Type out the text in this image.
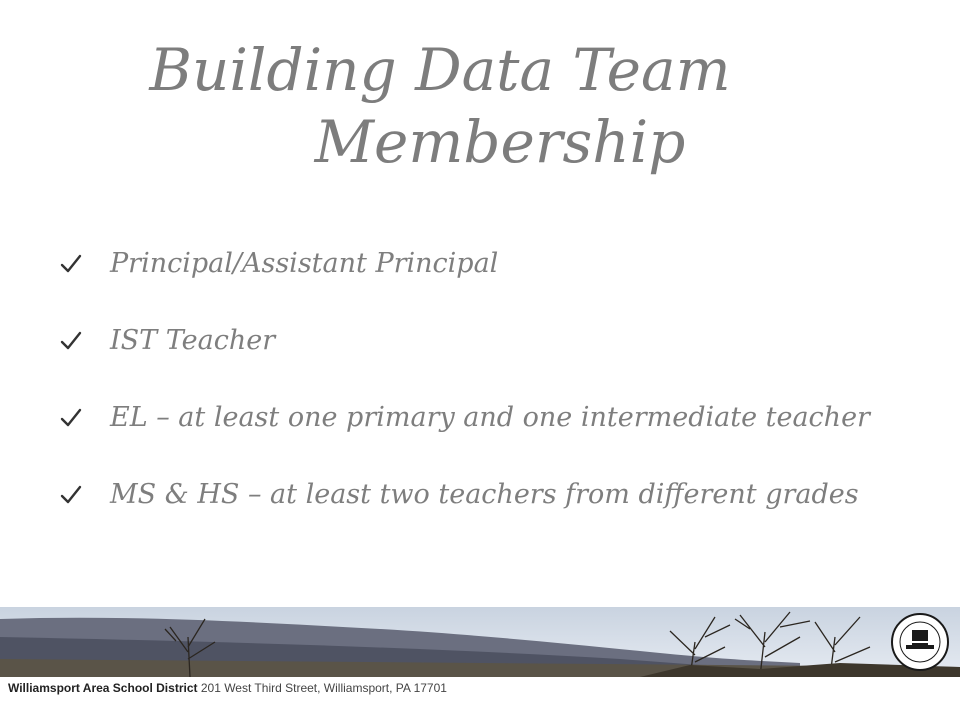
Building Data Team
Membership
Principal/Assistant Principal
IST Teacher
EL – at least one primary and one intermediate teacher
MS & HS – at least two teachers from different grades
Williamsport Area School District 201 West Third Street, Williamsport, PA 17701
